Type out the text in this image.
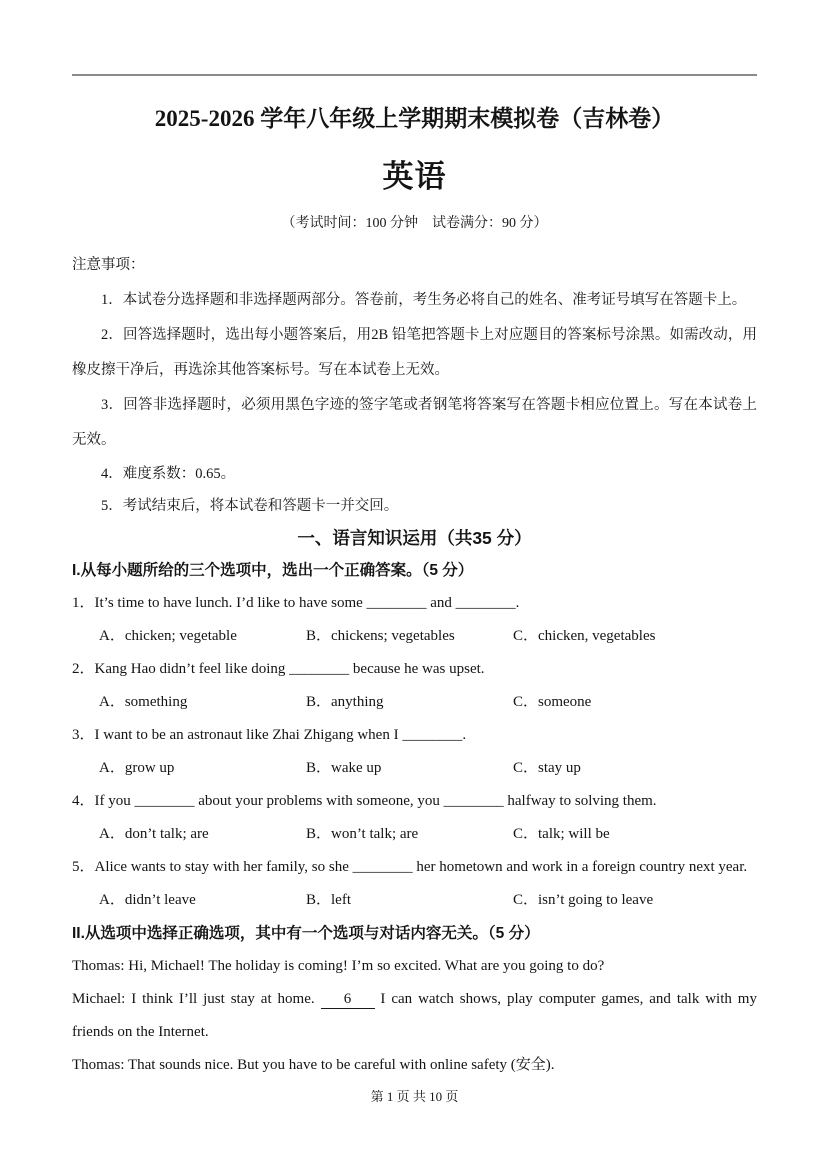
2025-2026 学年八年级上学期期末模拟卷（吉林卷）
英语

（考试时间：100 分钟　试卷满分：90 分）

注意事项：

1．本试卷分选择题和非选择题两部分。答卷前，考生务必将自己的姓名、准考证号填写在答题卡上。

2．回答选择题时，选出每小题答案后，用2B 铅笔把答题卡上对应题目的答案标号涂黑。如需改动，用橡皮擦干净后，再选涂其他答案标号。写在本试卷上无效。

3．回答非选择题时，必须用黑色字迹的签字笔或者钢笔将答案写在答题卡相应位置上。写在本试卷上无效。

4．难度系数：0.65。

5．考试结束后，将本试卷和答题卡一并交回。

一、语言知识运用（共35 分）
I.从每小题所给的三个选项中，选出一个正确答案。（5 分）

1．It’s time to have lunch. I’d like to have some ________ and ________.

A．chicken; vegetable	B．chickens; vegetables	C．chicken, vegetables

2．Kang Hao didn’t feel like doing ________ because he was upset.

A．something	B．anything	C．someone

3．I want to be an astronaut like Zhai Zhigang when I ________.

A．grow up	B．wake up	C．stay up

4．If you ________ about your problems with someone, you ________ halfway to solving them.

A．don’t talk; are	B．won’t talk; are	C．talk; will be

5．Alice wants to stay with her family, so she ________ her hometown and work in a foreign country next year.

A．didn’t leave	B．left	C．isn’t going to leave
II.从选项中选择正确选项，其中有一个选项与对话内容无关。（5 分）

Thomas: Hi, Michael! The holiday is coming! I’m so excited. What are you going to do?

Michael: I think I’ll just stay at home. 6 I can watch shows, play computer games, and talk with my friends on the Internet.

Thomas: That sounds nice. But you have to be careful with online safety (安全).

第 1 页 共 10 页
